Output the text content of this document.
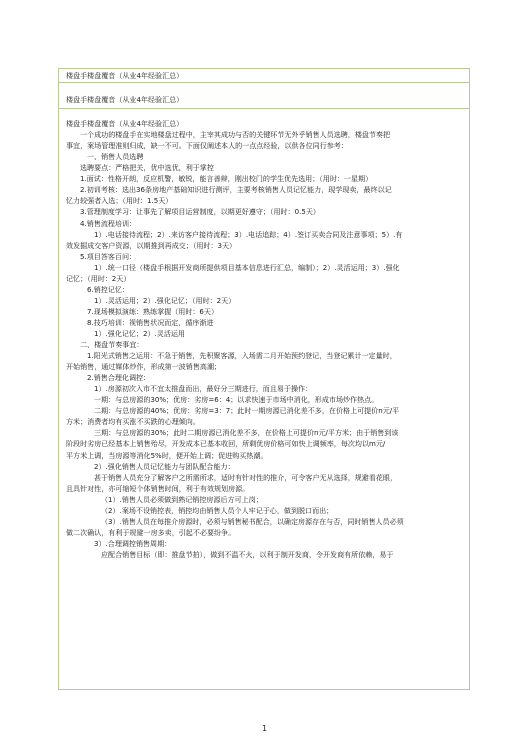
楼盘手楼盘覆音（从业4年经验汇总）
楼盘手楼盘覆音（从业4年经验汇总）
楼盘手楼盘覆音（从业4年经验汇总）
一个成功的楼盘手在实地楼盘过程中，主宰其成功与否的关键环节无外乎销售人员选聘，楼盘节奏把
事宜，案场管理准则归成，缺一不可。下面仅阐述本人的一点点经验，以供各位同行参考：
一、销售人员选聘
选聘要点：严格把关，优中选优，利于掌控
1.面试：性格开朗，反应机警，敏锐，能言善辩，刚出校门的学生优先选用；（用时：一星期）
2.初训考核：选出36条房地产基础知识进行测评，主要考核销售人员记忆能力，现学现卖，最终以记
忆力较强者入选；（用时：1.5天）
3.管理制度学习：让事先了解项目运营制度，以期更好遵守；（用时：0.5天）
4.销售流程培训：
1）.电话接待流程；2）.来访客户接待流程；3）.电话追踪；4）.签订买卖合同及注意事项；5）.有
效发掘成交客户资源，以期推到再成交；（用时：3天）
5.项目答客百问：
1）.统一口径（楼盘手根据开发商所提供项目基本信息进行汇总，编制）；2）.灵活运用；3）.强化
记忆；（用时：2天）
6.销控记忆：
1）.灵活运用；2）.强化记忆；（用时：2天）
7.现场模拟演练：熟练掌握（用时：6天）
8.技巧培训：视销售状况而定，循序渐进
1）.强化记忆；2）.灵活运用
二、楼盘节奏事宜：
1.阳光式销售之运用：不急于销售，先积聚客源，入场需二月开始预约登记，当登记累计一定量时，
开始销售，通过媒体炒作，形成第一波销售高潮；
2.销售合理化调控：
1）.房源初次入市不宜太推盘而出，最好分三期进行，而且易于操作：
一期：与总房源的30%；优房：劣房=6：4；以求快速于市场中消化，形成市场炒作热点。
二期：与总房源的40%；优房：劣房=3：7；此时一期房源已消化差不多，在价格上可提价n元/平
方米；消费者均有买涨不买跌的心理倾向。
三期：与总房源的30%；此时二期房源已消化差不多，在价格上可提价n元/平方米；由于销售到该
阶段时劣房已经基本上销售殆尽，开发成本已基本收回，所剩优房价格可如快上调频率，每次均以m元/
平方米上调，当房源等消化5%时，便开始上调；促进购买热潮。
2）.强化销售人员记忆能力与团队配合能力：
甚于销售人员充分了解客户之所需所求，适时有针对性的推介，可令客户无从选择，规避看花眼，
且具针对性，亦可缩短个体销售时间，利于有效规划房源。
（1）.销售人员必须做到熟记销控房源后方可上岗；
（2）.案场不设销控表，销控均由销售人员个人牢记于心，做到脱口而出；
（3）.销售人员在每推介房源时，必须与销售秘书配合，以确定房源存在与否，同时销售人员必须
做二次确认，有利于规避一房多卖，引起不必要纷争。
3）.合理调控销售周期：
应配合销售目标（即：推盘节拍），做到不温不火，以利于制开发商，令开发商有所依赖，易于
1
